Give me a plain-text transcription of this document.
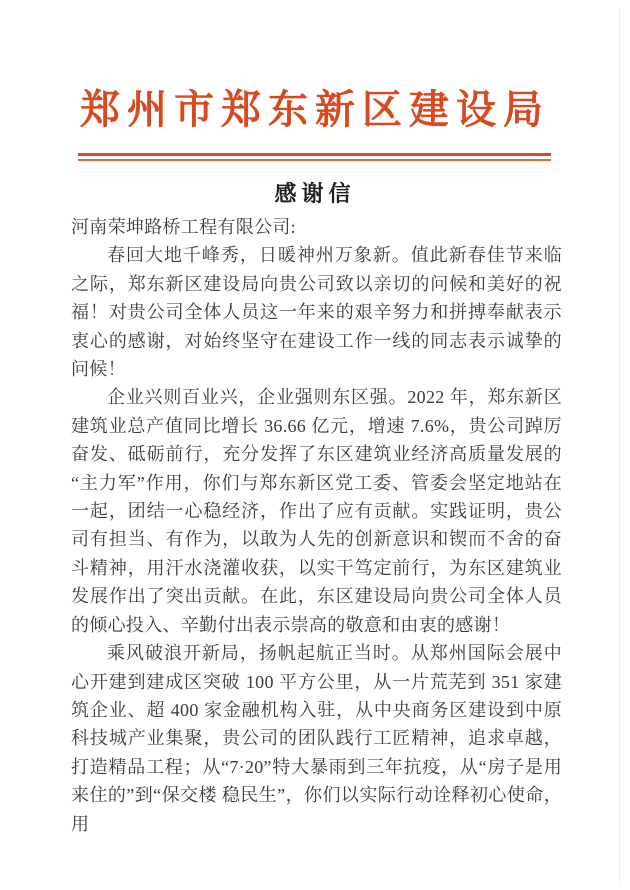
郑州市郑东新区建设局
感谢信

河南荣坤路桥工程有限公司:

春回大地千峰秀，日暖神州万象新。值此新春佳节来临之际，郑东新区建设局向贵公司致以亲切的问候和美好的祝福！对贵公司全体人员这一年来的艰辛努力和拼搏奉献表示衷心的感谢，对始终坚守在建设工作一线的同志表示诚挚的问候！

企业兴则百业兴，企业强则东区强。2022 年，郑东新区建筑业总产值同比增长 36.66 亿元，增速 7.6%，贵公司踔厉奋发、砥砺前行，充分发挥了东区建筑业经济高质量发展的“主力军”作用，你们与郑东新区党工委、管委会坚定地站在一起，团结一心稳经济，作出了应有贡献。实践证明，贵公司有担当、有作为，以敢为人先的创新意识和锲而不舍的奋斗精神，用汗水浇灌收获，以实干笃定前行，为东区建筑业发展作出了突出贡献。在此，东区建设局向贵公司全体人员的倾心投入、辛勤付出表示崇高的敬意和由衷的感谢！

乘风破浪开新局，扬帆起航正当时。从郑州国际会展中心开建到建成区突破 100 平方公里，从一片荒芜到 351 家建筑企业、超 400 家金融机构入驻，从中央商务区建设到中原科技城产业集聚，贵公司的团队践行工匠精神，追求卓越，打造精品工程；从“7·20”特大暴雨到三年抗疫，从“房子是用来住的”到“保交楼 稳民生”，你们以实际行动诠释初心使命，用
